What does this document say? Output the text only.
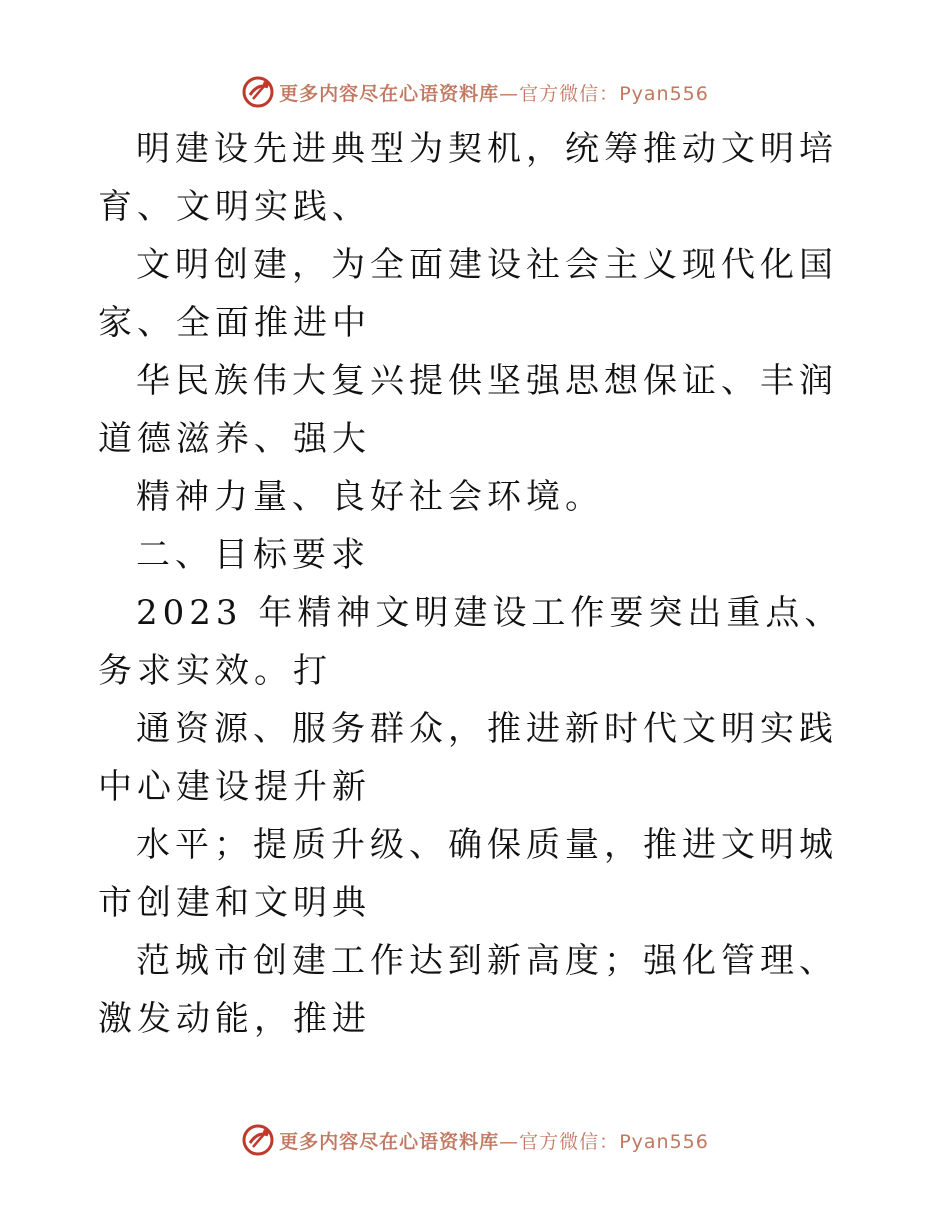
更多内容尽在心语资料库—官方微信：Pyan556

明建设先进典型为契机，统筹推动文明培育、文明实践、

文明创建，为全面建设社会主义现代化国家、全面推进中

华民族伟大复兴提供坚强思想保证、丰润道德滋养、强大

精神力量、良好社会环境。

二、目标要求

2023 年精神文明建设工作要突出重点、务求实效。打

通资源、服务群众，推进新时代文明实践中心建设提升新

水平；提质升级、确保质量，推进文明城市创建和文明典

范城市创建工作达到新高度；强化管理、激发动能，推进

更多内容尽在心语资料库—官方微信：Pyan556
